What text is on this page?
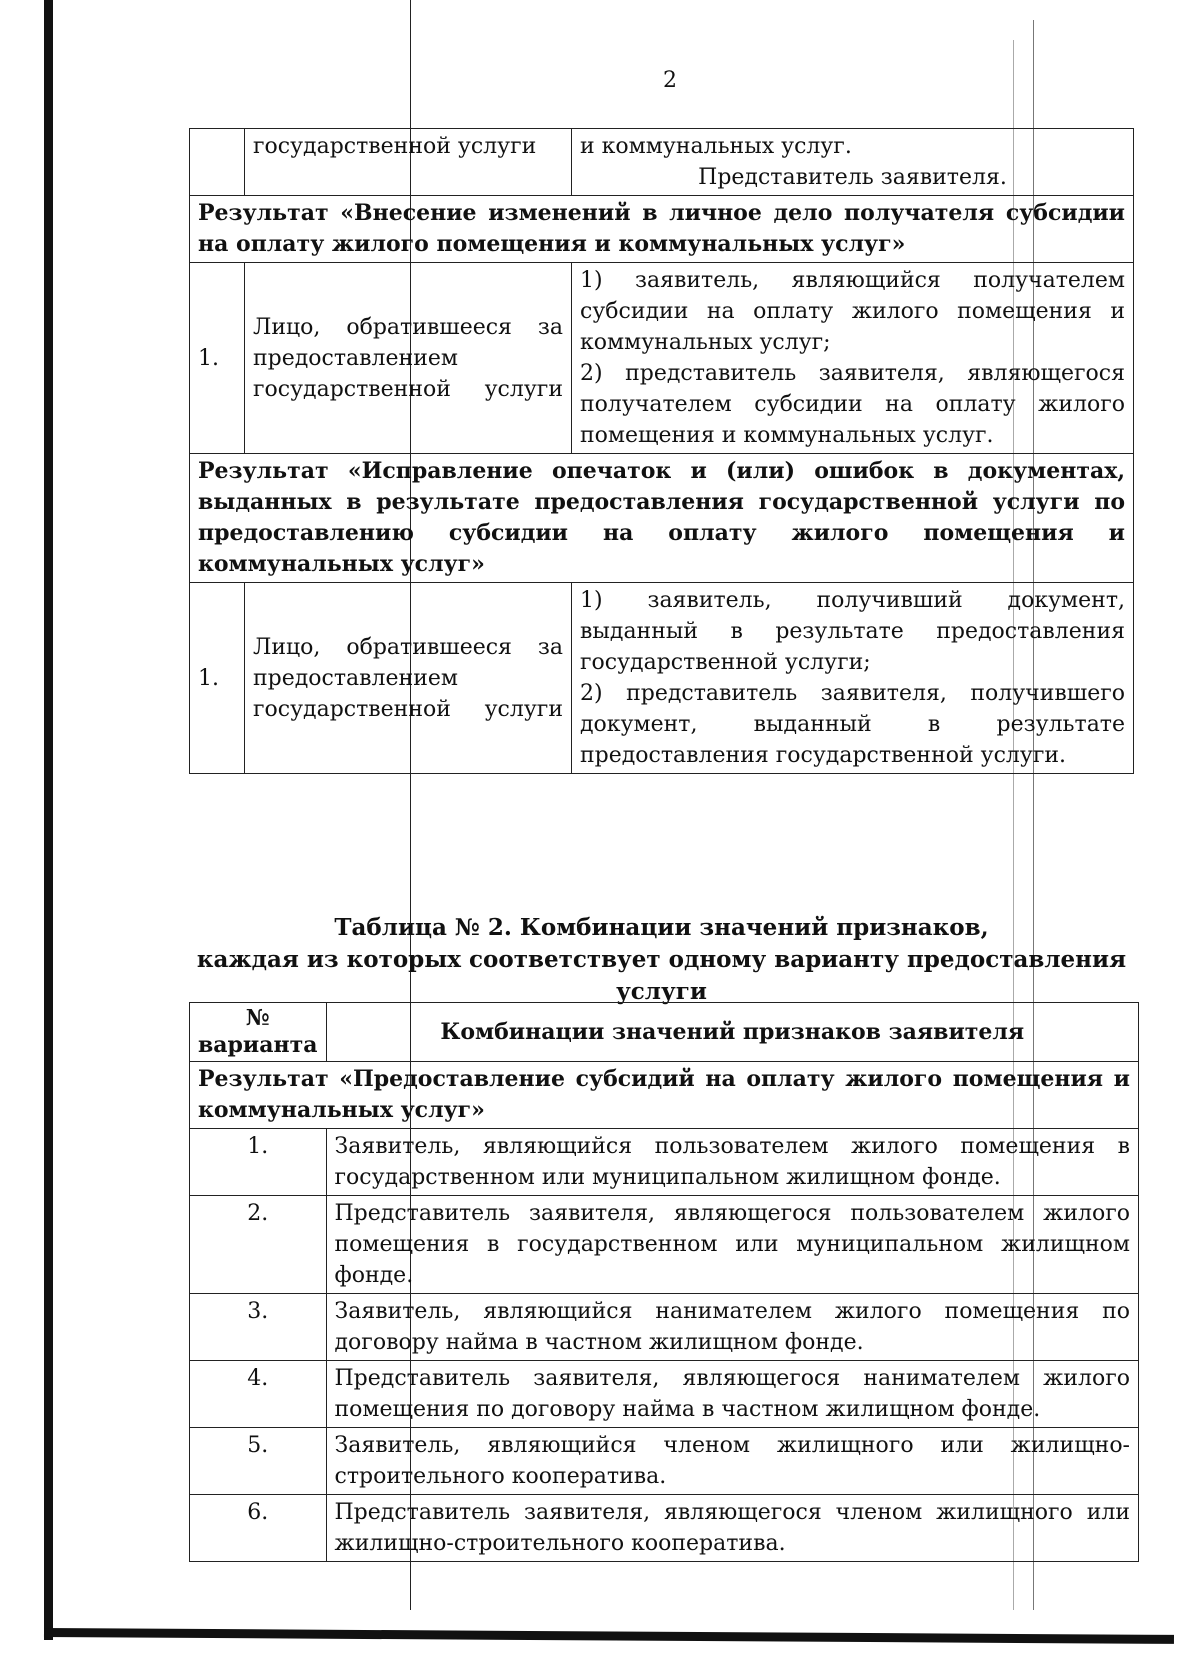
2
	государственной услуги	и коммунальных услуг.
Представитель заявителя.

Результат «Внесение изменений в личное дело получателя субсидии на оплату жилого помещения и коммунальных услуг»		
1.	Лицо, обратившееся за предоставлением государственной услуги	1) заявитель, являющийся получателем субсидии на оплату жилого помещения и коммунальных услуг;
2) представитель заявителя, являющегося получателем субсидии на оплату жилого помещения и коммунальных услуг.

Результат «Исправление опечаток и (или) ошибок в документах, выданных в результате предоставления государственной услуги по предоставлению субсидии на оплату жилого помещения и коммунальных услуг»		
1.	Лицо, обратившееся за предоставлением государственной услуги	1) заявитель, получивший документ, выданный в результате предоставления государственной услуги;
2) представитель заявителя, получившего документ, выданный в результате предоставления государственной услуги.
Таблица № 2. Комбинации значений признаков,
каждая из которых соответствует одному варианту предоставления услуги
№
варианта	Комбинации значений признаков заявителя
Результат «Предоставление субсидий на оплату жилого помещения и коммунальных услуг»	
1.	Заявитель, являющийся пользователем жилого помещения в государственном или муниципальном жилищном фонде.
2.	Представитель заявителя, являющегося пользователем жилого помещения в государственном или муниципальном жилищном фонде.
3.	Заявитель, являющийся нанимателем жилого помещения по договору найма в частном жилищном фонде.
4.	Представитель заявителя, являющегося нанимателем жилого помещения по договору найма в частном жилищном фонде.
5.	Заявитель, являющийся членом жилищного или жилищно-строительного кооператива.
6.	Представитель заявителя, являющегося членом жилищного или жилищно-строительного кооператива.
